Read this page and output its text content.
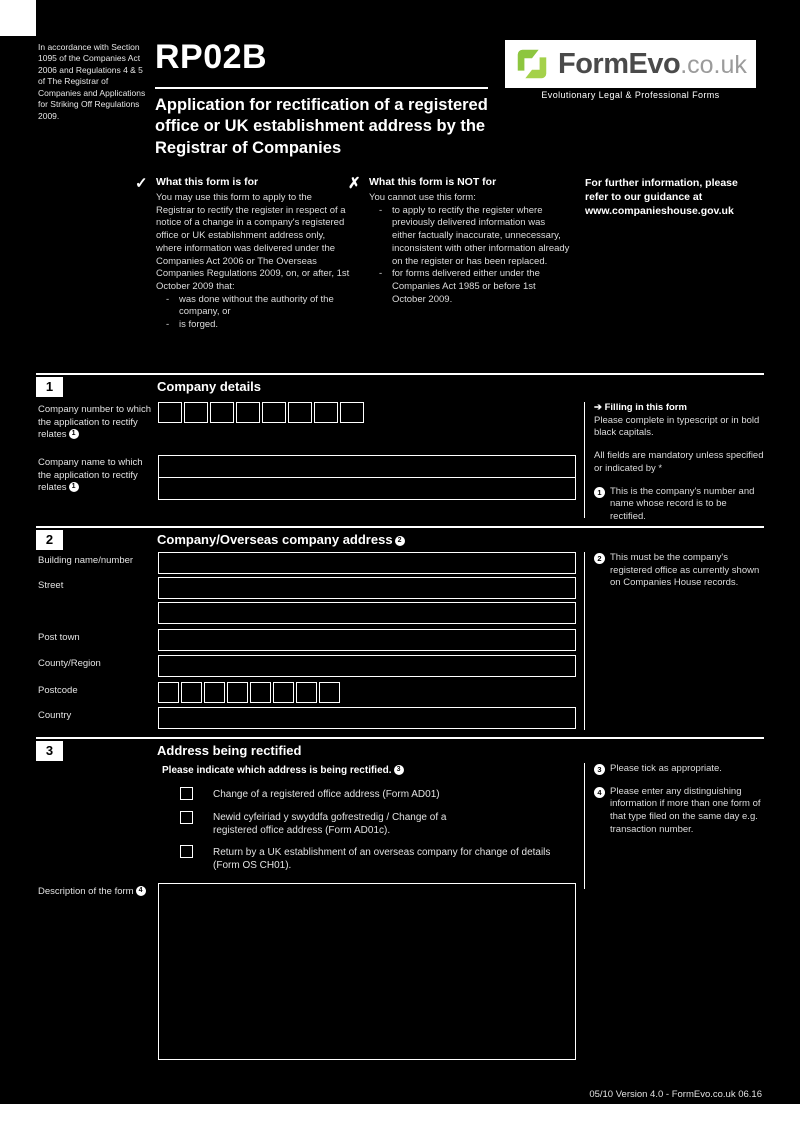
In accordance with Section 1095 of the Companies Act 2006 and Regulations 4 & 5 of The Registrar of Companies and Applications for Striking Off Regulations 2009.
RP02B
Application for rectification of a registered office or UK establishment address by the Registrar of Companies
FormEvo.co.uk
Evolutionary Legal & Professional Forms
✓ What this form is for
You may use this form to apply to the Registrar to rectify the register in respect of a notice of a change in a company's registered office or UK establishment address only, where information was delivered under the Companies Act 2006 or The Overseas Companies Regulations 2009, on, or after, 1st October 2009 that:
- was done without the authority of the company, or
- is forged.
✗ What this form is NOT for
You cannot use this form:
- to apply to rectify the register where previously delivered information was either factually inaccurate, unnecessary, inconsistent with other information already on the register or has been replaced.
- for forms delivered either under the Companies Act 1985 or before 1st October 2009.
For further information, please refer to our guidance at www.companieshouse.gov.uk
1	Company details
Company number to which the application to rectify relates 1
Company name to which the application to rectify relates 1
➔ Filling in this form
Please complete in typescript or in bold black capitals.
All fields are mandatory unless specified or indicated by *
1 This is the company's number and name whose record is to be rectified.
2	Company/Overseas company address 2
Building name/number
Street
Post town
County/Region
Postcode
Country
2 This must be the company's registered office as currently shown on Companies House records.
3	Address being rectified
Please indicate which address is being rectified. 3
Change of a registered office address (Form AD01)
Newid cyfeiriad y swyddfa gofrestredig / Change of a registered office address (Form AD01c).
Return by a UK establishment of an overseas company for change of details (Form OS CH01).
Description of the form 4
3 Please tick as appropriate.
4 Please enter any distinguishing information if more than one form of that type filed on the same day e.g. transaction number.
05/10 Version 4.0 - FormEvo.co.uk 06.16
